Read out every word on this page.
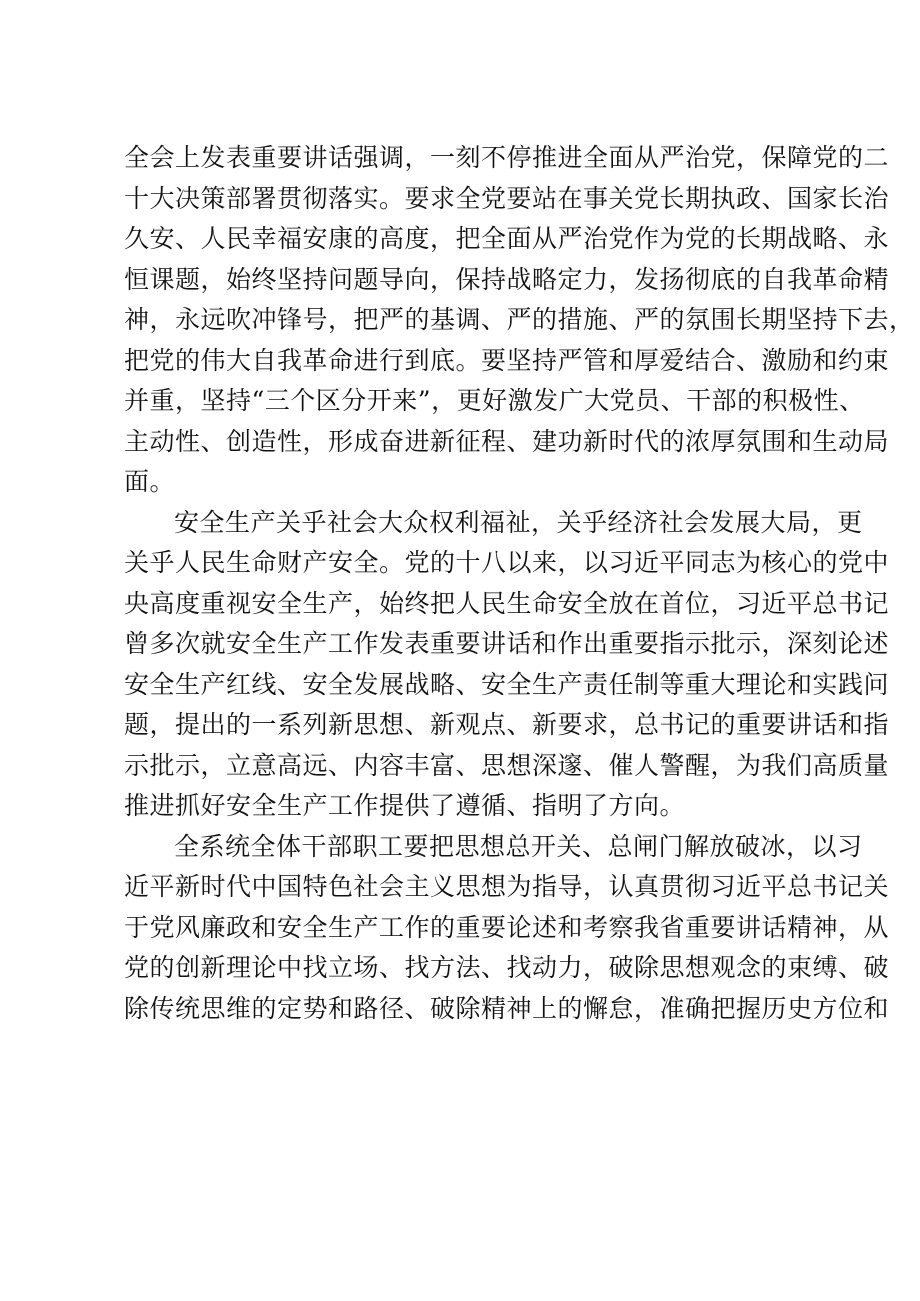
全会上发表重要讲话强调，一刻不停推进全面从严治党，保障党的二
十大决策部署贯彻落实。要求全党要站在事关党长期执政、国家长治
久安、人民幸福安康的高度，把全面从严治党作为党的长期战略、永
恒课题，始终坚持问题导向，保持战略定力，发扬彻底的自我革命精
神，永远吹冲锋号，把严的基调、严的措施、严的氛围长期坚持下去，
把党的伟大自我革命进行到底。要坚持严管和厚爱结合、激励和约束
并重，坚持“三个区分开来”，更好激发广大党员、干部的积极性、
主动性、创造性，形成奋进新征程、建功新时代的浓厚氛围和生动局
面。
安全生产关乎社会大众权利福祉，关乎经济社会发展大局，更
关乎人民生命财产安全。党的十八以来，以习近平同志为核心的党中
央高度重视安全生产，始终把人民生命安全放在首位，习近平总书记
曾多次就安全生产工作发表重要讲话和作出重要指示批示，深刻论述
安全生产红线、安全发展战略、安全生产责任制等重大理论和实践问
题，提出的一系列新思想、新观点、新要求，总书记的重要讲话和指
示批示，立意高远、内容丰富、思想深邃、催人警醒，为我们高质量
推进抓好安全生产工作提供了遵循、指明了方向。
全系统全体干部职工要把思想总开关、总闸门解放破冰，以习
近平新时代中国特色社会主义思想为指导，认真贯彻习近平总书记关
于党风廉政和安全生产工作的重要论述和考察我省重要讲话精神，从
党的创新理论中找立场、找方法、找动力，破除思想观念的束缚、破
除传统思维的定势和路径、破除精神上的懈怠，准确把握历史方位和
